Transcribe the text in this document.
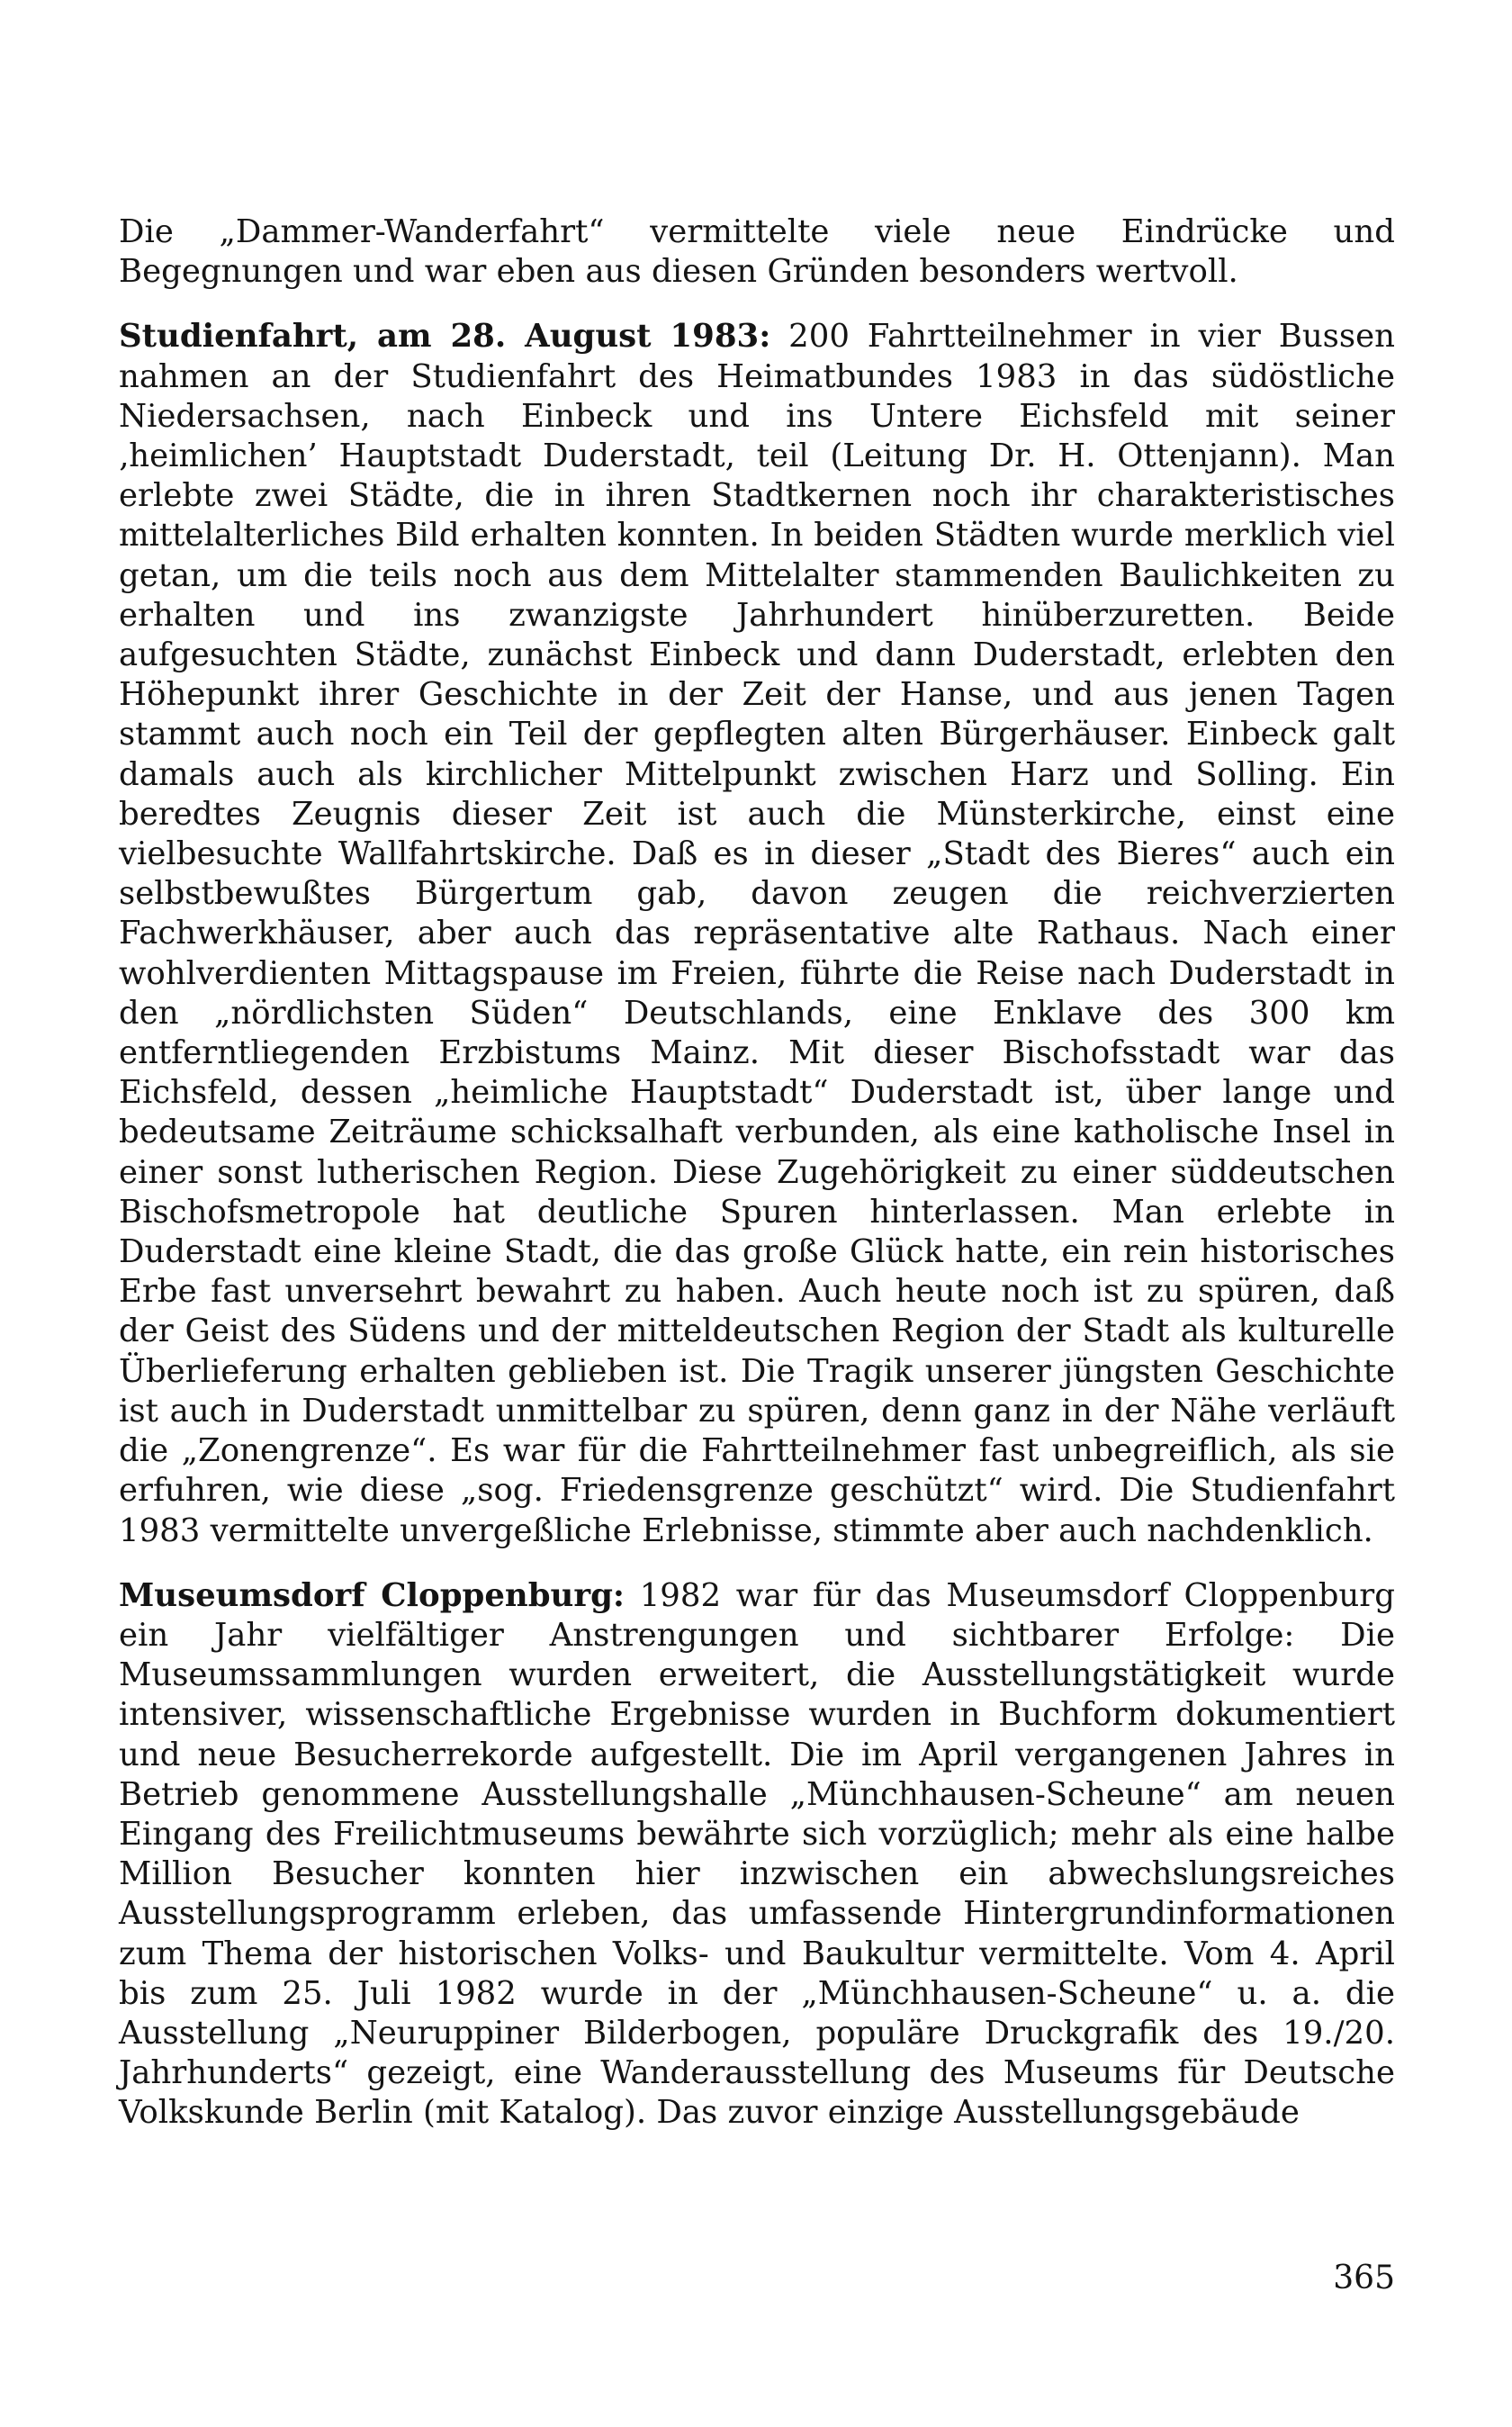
Die „Dammer-Wanderfahrt“ vermittelte viele neue Eindrücke und Begegnungen und war eben aus diesen Gründen besonders wertvoll.

Studienfahrt, am 28. August 1983: 200 Fahrtteilnehmer in vier Bussen nahmen an der Studienfahrt des Heimatbundes 1983 in das südöstliche Niedersachsen, nach Einbeck und ins Untere Eichsfeld mit seiner ‚heimlichen’ Hauptstadt Duderstadt, teil (Leitung Dr. H. Ottenjann). Man erlebte zwei Städte, die in ihren Stadtkernen noch ihr charakteristisches mittelalterliches Bild erhalten konnten. In beiden Städten wurde merklich viel getan, um die teils noch aus dem Mittelalter stammenden Baulichkeiten zu erhalten und ins zwanzigste Jahrhundert hinüberzuretten. Beide aufgesuchten Städte, zunächst Einbeck und dann Duderstadt, erlebten den Höhepunkt ihrer Geschichte in der Zeit der Hanse, und aus jenen Tagen stammt auch noch ein Teil der gepflegten alten Bürgerhäuser. Einbeck galt damals auch als kirchlicher Mittelpunkt zwischen Harz und Solling. Ein beredtes Zeugnis dieser Zeit ist auch die Münsterkirche, einst eine vielbesuchte Wallfahrtskirche. Daß es in dieser „Stadt des Bieres“ auch ein selbstbewußtes Bürgertum gab, davon zeugen die reichverzierten Fachwerkhäuser, aber auch das repräsentative alte Rathaus. Nach einer wohlverdienten Mittagspause im Freien, führte die Reise nach Duderstadt in den „nördlichsten Süden“ Deutschlands, eine Enklave des 300 km entferntliegenden Erzbistums Mainz. Mit dieser Bischofsstadt war das Eichsfeld, dessen „heimliche Hauptstadt“ Duderstadt ist, über lange und bedeutsame Zeiträume schicksalhaft verbunden, als eine katholische Insel in einer sonst lutherischen Region. Diese Zugehörigkeit zu einer süddeutschen Bischofsmetropole hat deutliche Spuren hinterlassen. Man erlebte in Duderstadt eine kleine Stadt, die das große Glück hatte, ein rein historisches Erbe fast unversehrt bewahrt zu haben. Auch heute noch ist zu spüren, daß der Geist des Südens und der mitteldeutschen Region der Stadt als kulturelle Überlieferung erhalten geblieben ist. Die Tragik unserer jüngsten Geschichte ist auch in Duderstadt unmittelbar zu spüren, denn ganz in der Nähe verläuft die „Zonengrenze“. Es war für die Fahrtteilnehmer fast unbegreiflich, als sie erfuhren, wie diese „sog. Friedensgrenze geschützt“ wird. Die Studienfahrt 1983 vermittelte unvergeßliche Erlebnisse, stimmte aber auch nachdenklich.

Museumsdorf Cloppenburg: 1982 war für das Museumsdorf Cloppenburg ein Jahr vielfältiger Anstrengungen und sichtbarer Erfolge: Die Museumssammlungen wurden erweitert, die Ausstellungstätigkeit wurde intensiver, wissenschaftliche Ergebnisse wurden in Buchform dokumentiert und neue Besucherrekorde aufgestellt. Die im April vergangenen Jahres in Betrieb genommene Ausstellungshalle „Münchhausen-Scheune“ am neuen Eingang des Freilichtmuseums bewährte sich vorzüglich; mehr als eine halbe Million Besucher konnten hier inzwischen ein abwechslungsreiches Ausstellungsprogramm erleben, das umfassende Hintergrundinformationen zum Thema der historischen Volks- und Baukultur vermittelte. Vom 4. April bis zum 25. Juli 1982 wurde in der „Münchhausen-Scheune“ u. a. die Ausstellung „Neuruppiner Bilderbogen, populäre Druckgrafik des 19./20. Jahrhunderts“ gezeigt, eine Wanderausstellung des Museums für Deutsche Volkskunde Berlin (mit Katalog). Das zuvor einzige Ausstellungsgebäude

365
